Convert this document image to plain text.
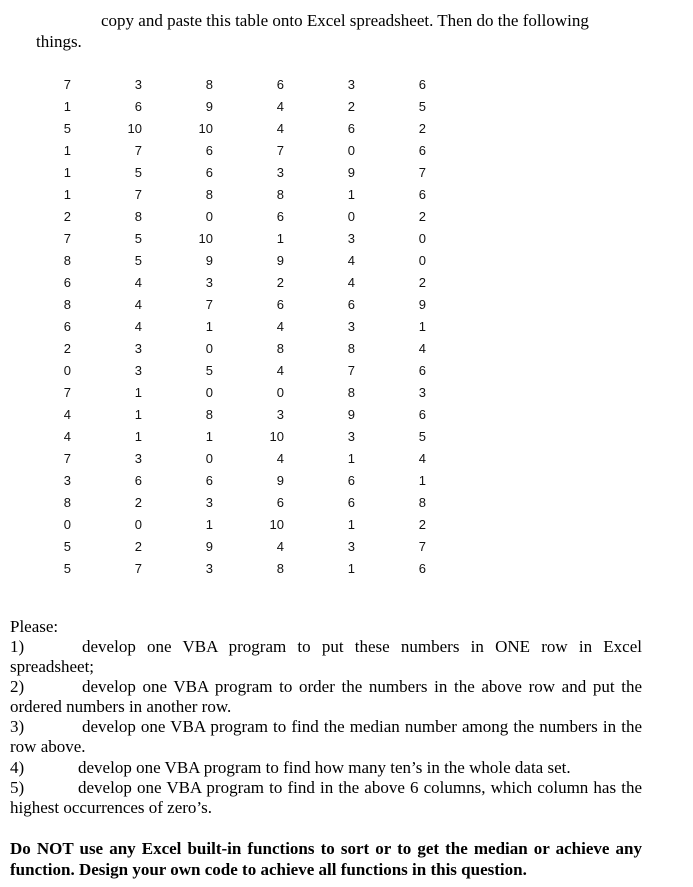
copy and paste this table onto Excel spreadsheet. Then do the following
things.
7	3	8	6	3	6
1	6	9	4	2	5
5	10	10	4	6	2
1	7	6	7	0	6
1	5	6	3	9	7
1	7	8	8	1	6
2	8	0	6	0	2
7	5	10	1	3	0
8	5	9	9	4	0
6	4	3	2	4	2
8	4	7	6	6	9
6	4	1	4	3	1
2	3	0	8	8	4
0	3	5	4	7	6
7	1	0	0	8	3
4	1	8	3	9	6
4	1	1	10	3	5
7	3	0	4	1	4
3	6	6	9	6	1
8	2	3	6	6	8
0	0	1	10	1	2
5	2	9	4	3	7
5	7	3	8	1	6

Please:

1)	develop one VBA program to put these numbers in ONE row in Excel spreadsheet;

2)	develop one VBA program to order the numbers in the above row and put the ordered numbers in another row.

3)	develop one VBA program to find the median number among the numbers in the row above.

4)	develop one VBA program to find how many ten’s in the whole data set.

5)	develop one VBA program to find in the above 6 columns, which column has the highest occurrences of zero’s.

Do NOT use any Excel built-in functions to sort or to get the median or achieve any function. Design your own code to achieve all functions in this question.
